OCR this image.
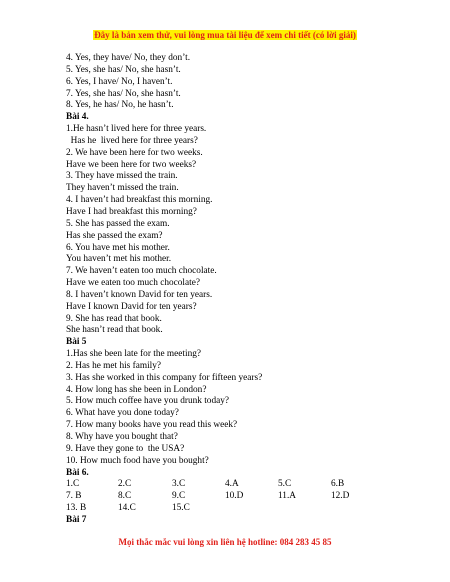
Đây là bản xem thử, vui lòng mua tài liệu để xem chi tiết (có lời giải)
4. Yes, they have/ No, they don’t.
5. Yes, she has/ No, she hasn’t.
6. Yes, I have/ No, I haven’t.
7. Yes, she has/ No, she hasn’t.
8. Yes, he has/ No, he hasn’t.
Bài 4.
1.He hasn’t lived here for three years.
Has he  lived here for three years?
2. We have been here for two weeks.
Have we been here for two weeks?
3. They have missed the train.
They haven’t missed the train.
4. I haven’t had breakfast this morning.
Have I had breakfast this morning?
5. She has passed the exam.
Has she passed the exam?
6. You have met his mother.
You haven’t met his mother.
7. We haven’t eaten too much chocolate.
Have we eaten too much chocolate?
8. I haven’t known David for ten years.
Have I known David for ten years?
9. She has read that book.
She hasn’t read that book.
Bài 5
1.Has she been late for the meeting?
2. Has he met his family?
3. Has she worked in this company for fifteen years?
4. How long has she been in London?
5. How much coffee have you drunk today?
6. What have you done today?
7. How many books have you read this week?
8. Why have you bought that?
9. Have they gone to  the USA?
10. How much food have you bought?
Bài 6.
1.C	2.C	3.C	4.A	5.C	6.B
7. B	8.C	9.C	10.D	11.A	12.D
13. B	14.C	15.C
Bài 7
Mọi thắc mắc vui lòng xin liên hệ hotline: 084 283 45 85
